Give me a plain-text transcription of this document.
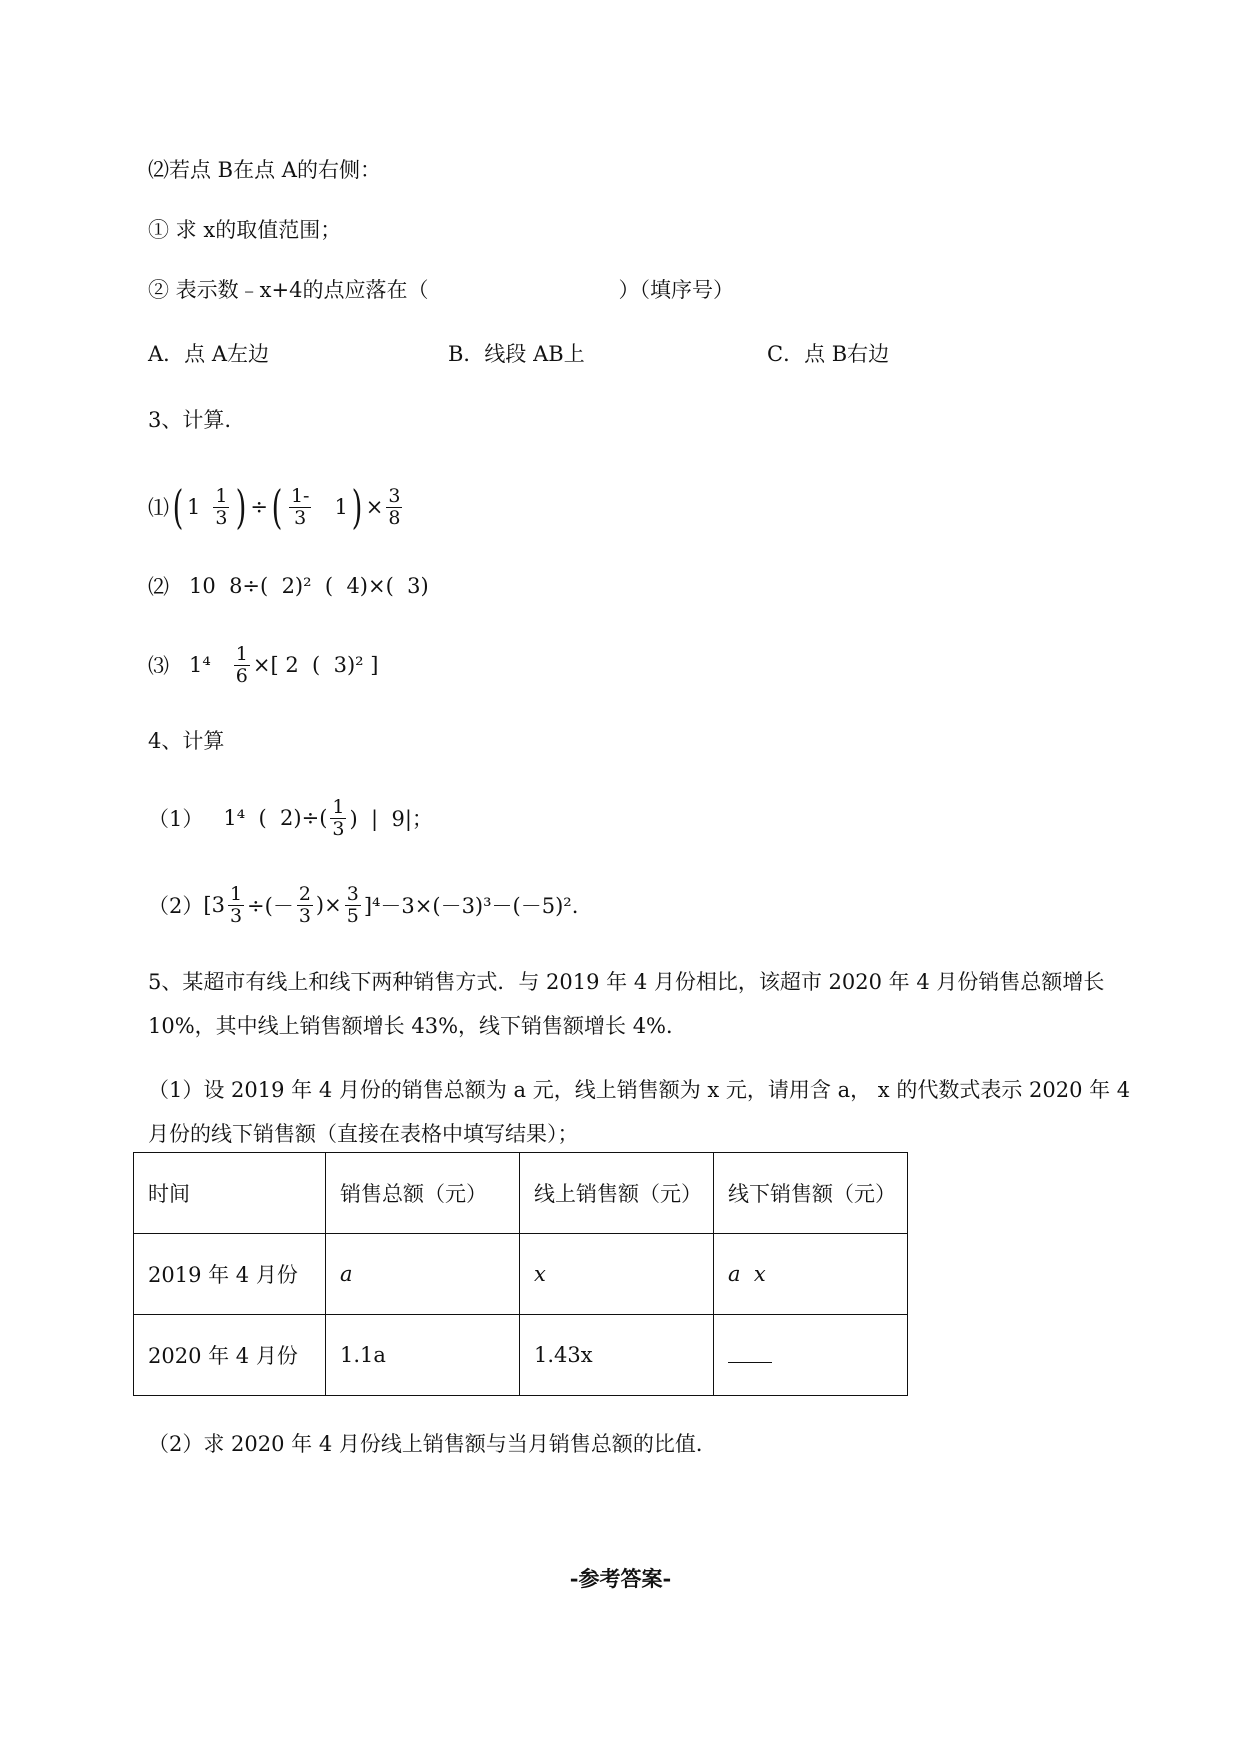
⑵若点 B在点 A的右侧：
① 求 x的取值范围；
② 表示数﹣x+4的点应落在（	）（填序号）
A．点 A左边	B．线段 AB上	C．点 B右边
3、计算.
⑴ ( $1 \frac{1}{3}$ ) ÷ ( $\frac{1-}{3} 1$ ) × $\frac{3}{8}$
⑵ 10  8÷(  2)²  (  4)×(  3)
⑶ $1^4 \frac{1}{6}$ ×[ 2  (  3)² ]
4、计算
（1） 1⁴  (  $2)\div( \frac{1}{3}$ )  |  9|；
（2） [$3 \frac{1}{3}$ ÷(－ $\frac{2}{3}$ )× $\frac{3}{5} ]^4-3\times(-3)^3-(-5)^2$.
5、某超市有线上和线下两种销售方式．与 2019 年 4 月份相比，该超市 2020 年 4 月份销售总额增长 10%，其中线上销售额增长 43%，线下销售额增长 4%．
（1）设 2019 年 4 月份的销售总额为 a 元，线上销售额为 x 元，请用含 a， x 的代数式表示 2020 年 4 月份的线下销售额（直接在表格中填写结果）；
时间	销售总额（元）	线上销售额（元）	线下销售额（元）
2019 年 4 月份	a	x	a  x
2020 年 4 月份	1.1a	1.43x	
（2）求 2020 年 4 月份线上销售额与当月销售总额的比值．
-参考答案-
